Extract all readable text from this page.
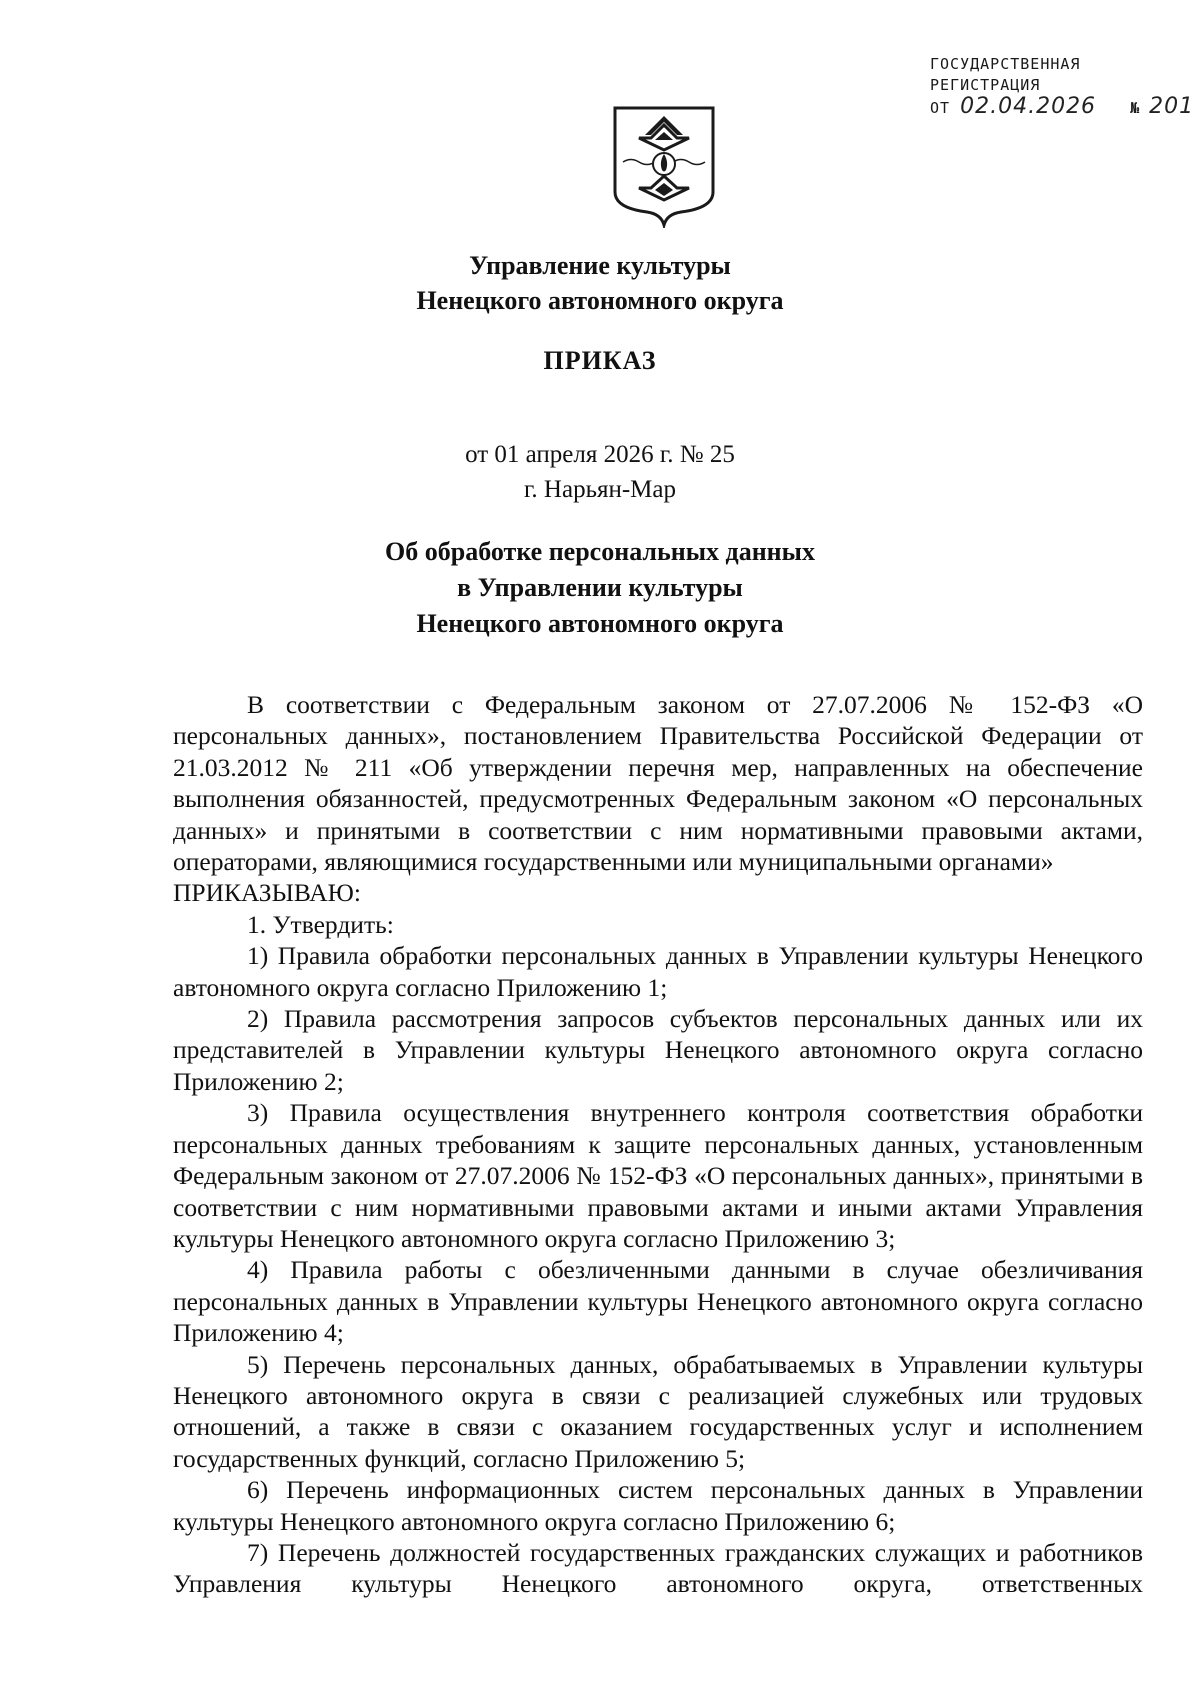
ГОСУДАРСТВЕННАЯ
РЕГИСТРАЦИЯ
ОТ 02.04.2026 № 201
Управление культуры
Ненецкого автономного округа
ПРИКАЗ
от 01 апреля 2026 г. № 25
г. Нарьян-Мар
Об обработке персональных данных
в Управлении культуры
Ненецкого автономного округа

В соответствии с Федеральным законом от 27.07.2006 № 152-ФЗ «О персональных данных», постановлением Правительства Российской Федерации от 21.03.2012 № 211 «Об утверждении перечня мер, направленных на обеспечение выполнения обязанностей, предусмотренных Федеральным законом «О персональных данных» и принятыми в соответствии с ним нормативными правовыми актами, операторами, являющимися государственными или муниципальными органами»

ПРИКАЗЫВАЮ:

1. Утвердить:

1) Правила обработки персональных данных в Управлении культуры Ненецкого автономного округа согласно Приложению 1;

2) Правила рассмотрения запросов субъектов персональных данных или их представителей в Управлении культуры Ненецкого автономного округа согласно Приложению 2;

3) Правила осуществления внутреннего контроля соответствия обработки персональных данных требованиям к защите персональных данных, установленным Федеральным законом от 27.07.2006 № 152-ФЗ «О персональных данных», принятыми в соответствии с ним нормативными правовыми актами и иными актами Управления культуры Ненецкого автономного округа согласно Приложению 3;

4) Правила работы с обезличенными данными в случае обезличивания персональных данных в Управлении культуры Ненецкого автономного округа согласно Приложению 4;

5) Перечень персональных данных, обрабатываемых в Управлении культуры Ненецкого автономного округа в связи с реализацией служебных или трудовых отношений, а также в связи с оказанием государственных услуг и исполнением государственных функций, согласно Приложению 5;

6) Перечень информационных систем персональных данных в Управлении культуры Ненецкого автономного округа согласно Приложению 6;

7) Перечень должностей государственных гражданских служащих и работников Управления культуры Ненецкого автономного округа, ответственных
